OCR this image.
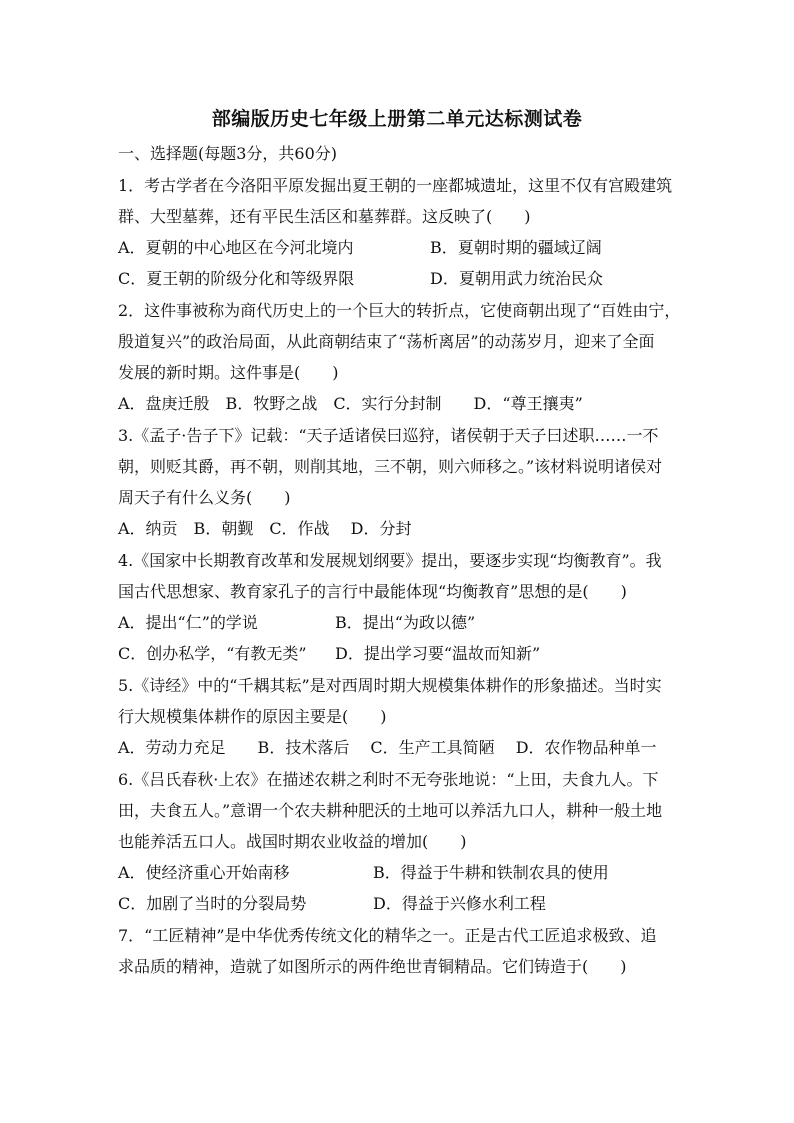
部编版历史七年级上册第二单元达标测试卷
一、选择题(每题3分，共60分)
1．考古学者在今洛阳平原发掘出夏王朝的一座都城遗址，这里不仅有宫殿建筑
群、大型墓葬，还有平民生活区和墓葬群。这反映了(　　)
A．夏朝的中心地区在今河北境内	B．夏朝时期的疆域辽阔
C．夏王朝的阶级分化和等级界限	D．夏朝用武力统治民众
2．这件事被称为商代历史上的一个巨大的转折点，它使商朝出现了“百姓由宁，
殷道复兴”的政治局面，从此商朝结束了“荡析离居”的动荡岁月，迎来了全面
发展的新时期。这件事是(　　)
A．盘庚迁殷　B．牧野之战　C．实行分封制　　D．“尊王攘夷”
3.《孟子·告子下》记载：“天子适诸侯曰巡狩，诸侯朝于天子曰述职……一不
朝，则贬其爵，再不朝，则削其地，三不朝，则六师移之。”该材料说明诸侯对
周天子有什么义务(　　)
A．纳贡　B．朝觐　C．作战　 D．分封
4.《国家中长期教育改革和发展规划纲要》提出，要逐步实现“均衡教育”。我
国古代思想家、教育家孔子的言行中最能体现“均衡教育”思想的是(　　)
A．提出“仁”的学说	B．提出“为政以德”
C．创办私学，“有教无类” D．提出学习要“温故而知新”
5.《诗经》中的“千耦其耘”是对西周时期大规模集体耕作的形象描述。当时实
行大规模集体耕作的原因主要是(　　)
A．劳动力充足　　B．技术落后　 C．生产工具简陋　 D．农作物品种单一
6.《吕氏春秋·上农》在描述农耕之利时不无夸张地说：“上田，夫食九人。下
田，夫食五人。”意谓一个农夫耕种肥沃的土地可以养活九口人，耕种一般土地
也能养活五口人。战国时期农业收益的增加(　　)
A．使经济重心开始南移	B．得益于牛耕和铁制农具的使用
C．加剧了当时的分裂局势	D．得益于兴修水利工程
7．“工匠精神”是中华优秀传统文化的精华之一。正是古代工匠追求极致、追
求品质的精神，造就了如图所示的两件绝世青铜精品。它们铸造于(　　)
